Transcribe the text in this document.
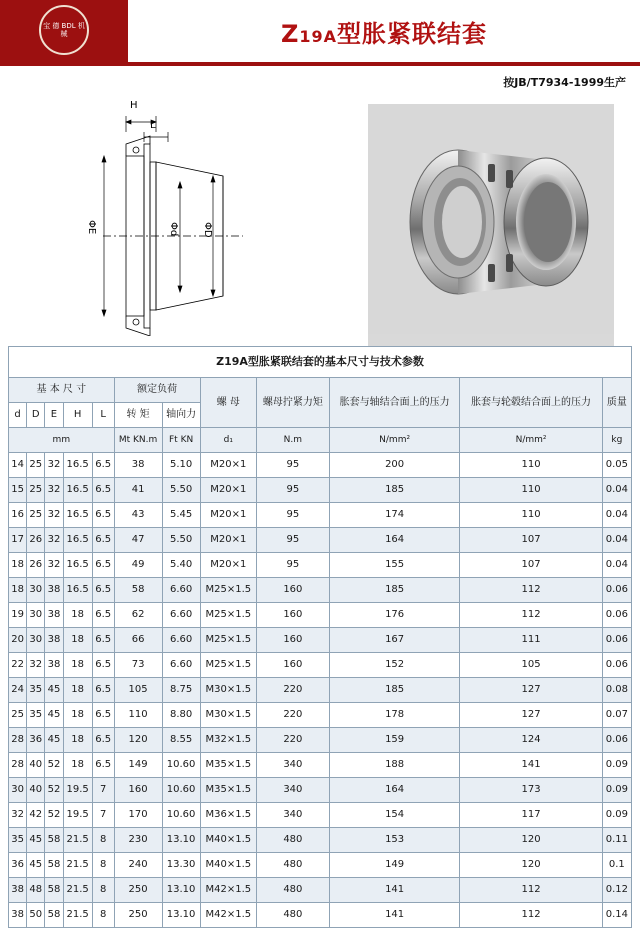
宝 德 BDL 机 械	Z19A型胀紧联结套
按JB/T7934-1999生产
H
L
ΦE	Φd ΦD
Z19A型胀紧联结套的基本尺寸与技术参数											
基 本 尺 寸					额定负荷		螺 母	螺母拧紧力矩	胀套与轴结合面上的压力	胀套与轮毂结合面上的压力	质量
d	D	E	H	L	转 矩	轴向力					
mm					Mt KN.m	Ft KN	d₁	N.m	N/mm²	N/mm²	kg
14	25	32	16.5	6.5	38	5.10	M20×1	95	200	110	0.05
15	25	32	16.5	6.5	41	5.50	M20×1	95	185	110	0.04
16	25	32	16.5	6.5	43	5.45	M20×1	95	174	110	0.04
17	26	32	16.5	6.5	47	5.50	M20×1	95	164	107	0.04
18	26	32	16.5	6.5	49	5.40	M20×1	95	155	107	0.04
18	30	38	16.5	6.5	58	6.60	M25×1.5	160	185	112	0.06
19	30	38	18	6.5	62	6.60	M25×1.5	160	176	112	0.06
20	30	38	18	6.5	66	6.60	M25×1.5	160	167	111	0.06
22	32	38	18	6.5	73	6.60	M25×1.5	160	152	105	0.06
24	35	45	18	6.5	105	8.75	M30×1.5	220	185	127	0.08
25	35	45	18	6.5	110	8.80	M30×1.5	220	178	127	0.07
28	36	45	18	6.5	120	8.55	M32×1.5	220	159	124	0.06
28	40	52	18	6.5	149	10.60	M35×1.5	340	188	141	0.09
30	40	52	19.5	7	160	10.60	M35×1.5	340	164	173	0.09
32	42	52	19.5	7	170	10.60	M36×1.5	340	154	117	0.09
35	45	58	21.5	8	230	13.10	M40×1.5	480	153	120	0.11
36	45	58	21.5	8	240	13.30	M40×1.5	480	149	120	0.1
38	48	58	21.5	8	250	13.10	M42×1.5	480	141	112	0.12
38	50	58	21.5	8	250	13.10	M42×1.5	480	141	112	0.14
